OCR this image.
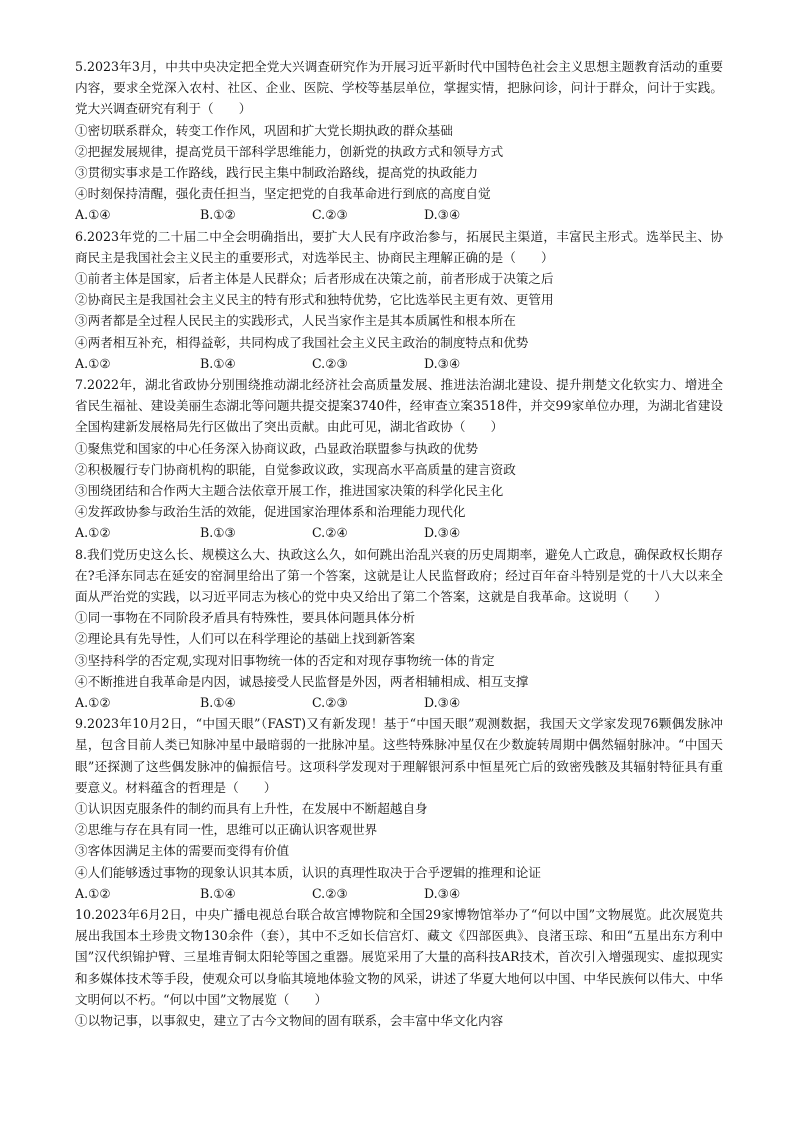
5.2023年3月，中共中央决定把全党大兴调查研究作为开展习近平新时代中国特色社会主义思想主题教育活动的重要内容，要求全党深入农村、社区、企业、医院、学校等基层单位，掌握实情，把脉问诊，问计于群众，问计于实践。党大兴调查研究有利于（　　）

①密切联系群众，转变工作作风，巩固和扩大党长期执政的群众基础

②把握发展规律，提高党员干部科学思维能力，创新党的执政方式和领导方式

③贯彻实事求是工作路线，践行民主集中制政治路线，提高党的执政能力

④时刻保持清醒，强化责任担当，坚定把党的自我革命进行到底的高度自觉

A.①④	B.①②	C.②③	D.③④

6.2023年党的二十届二中全会明确指出，要扩大人民有序政治参与，拓展民主渠道，丰富民主形式。选举民主、协商民主是我国社会主义民主的重要形式，对选举民主、协商民主理解正确的是（　　）

①前者主体是国家，后者主体是人民群众；后者形成在决策之前，前者形成于决策之后

②协商民主是我国社会主义民主的特有形式和独特优势，它比选举民主更有效、更管用

③两者都是全过程人民民主的实践形式，人民当家作主是其本质属性和根本所在

④两者相互补充，相得益彰，共同构成了我国社会主义民主政治的制度特点和优势

A.①②	B.①④	C.②③	D.③④

7.2022年，湖北省政协分别围绕推动湖北经济社会高质量发展、推进法治湖北建设、提升荆楚文化软实力、增进全省民生福祉、建设美丽生态湖北等问题共提交提案3740件，经审查立案3518件，并交99家单位办理，为湖北省建设全国构建新发展格局先行区做出了突出贡献。由此可见，湖北省政协（　　）

①聚焦党和国家的中心任务深入协商议政，凸显政治联盟参与执政的优势

②积极履行专门协商机构的职能，自觉参政议政，实现高水平高质量的建言资政

③围绕团结和合作两大主题合法依章开展工作，推进国家决策的科学化民主化

④发挥政协参与政治生活的效能，促进国家治理体系和治理能力现代化

A.①②	B.①③	C.②④	D.③④

8.我们党历史这么长、规模这么大、执政这么久，如何跳出治乱兴衰的历史周期率，避免人亡政息，确保政权长期存在?毛泽东同志在延安的窑洞里给出了第一个答案，这就是让人民监督政府；经过百年奋斗特别是党的十八大以来全面从严治党的实践，以习近平同志为核心的党中央又给出了第二个答案，这就是自我革命。这说明（　　）

①同一事物在不同阶段矛盾具有特殊性，要具体问题具体分析

②理论具有先导性，人们可以在科学理论的基础上找到新答案

③坚持科学的否定观,实现对旧事物统一体的否定和对现存事物统一体的肯定

④不断推进自我革命是内因，诚恳接受人民监督是外因，两者相辅相成、相互支撑

A.①②	B.①④	C.②③	D.③④

9.2023年10月2日，“中国天眼”（FAST)又有新发现！基于“中国天眼”观测数据，我国天文学家发现76颗偶发脉冲星，包含目前人类已知脉冲星中最暗弱的一批脉冲星。这些特殊脉冲星仅在少数旋转周期中偶然辐射脉冲。“中国天眼”还探测了这些偶发脉冲的偏振信号。这项科学发现对于理解银河系中恒星死亡后的致密残骸及其辐射特征具有重要意义。材料蕴含的哲理是（　　）

①认识因克服条件的制约而具有上升性，在发展中不断超越自身

②思维与存在具有同一性，思维可以正确认识客观世界

③客体因满足主体的需要而变得有价值

④人们能够透过事物的现象认识其本质，认识的真理性取决于合乎逻辑的推理和论证

A.①②	B.①④	C.②③	D.③④

10.2023年6月2日，中央广播电视总台联合故宫博物院和全国29家博物馆举办了“何以中国”文物展览。此次展览共展出我国本土珍贵文物130余件（套），其中不乏如长信宫灯、藏文《四部医典》、良渚玉琮、和田“五星出东方利中国”汉代织锦护臂、三星堆青铜太阳轮等国之重器。展览采用了大量的高科技AR技术，首次引入增强现实、虚拟现实和多媒体技术等手段，使观众可以身临其境地体验文物的风采，讲述了华夏大地何以中国、中华民族何以伟大、中华文明何以不朽。“何以中国”文物展览（　　）

①以物记事，以事叙史，建立了古今文物间的固有联系，会丰富中华文化内容
